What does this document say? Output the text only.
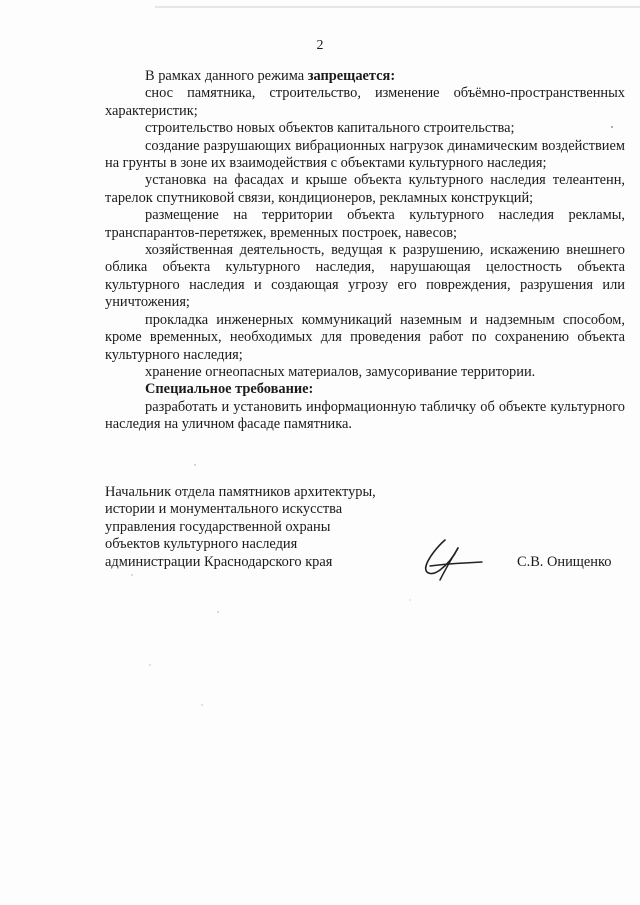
2

В рамках данного режима запрещается:

снос памятника, строительство, изменение объёмно-пространственных характеристик;

строительство новых объектов капитального строительства;

создание разрушающих вибрационных нагрузок динамическим воздействием на грунты в зоне их взаимодействия с объектами культурного наследия;

установка на фасадах и крыше объекта культурного наследия телеантенн, тарелок спутниковой связи, кондиционеров, рекламных конструкций;

размещение на территории объекта культурного наследия рекламы, транспарантов-перетяжек, временных построек, навесов;

хозяйственная деятельность, ведущая к разрушению, искажению внешнего облика объекта культурного наследия, нарушающая целостность объекта культурного наследия и создающая угрозу его повреждения, разрушения или уничтожения;

прокладка инженерных коммуникаций наземным и надземным способом, кроме временных, необходимых для проведения работ по сохранению объекта культурного наследия;

хранение огнеопасных материалов, замусоривание территории.

Специальное требование:

разработать и установить информационную табличку об объекте культурного наследия на уличном фасаде памятника.

Начальник отдела памятников архитектуры,
истории и монументального искусства
управления государственной охраны
объектов культурного наследия
администрации Краснодарского края	С.В. Онищенко
